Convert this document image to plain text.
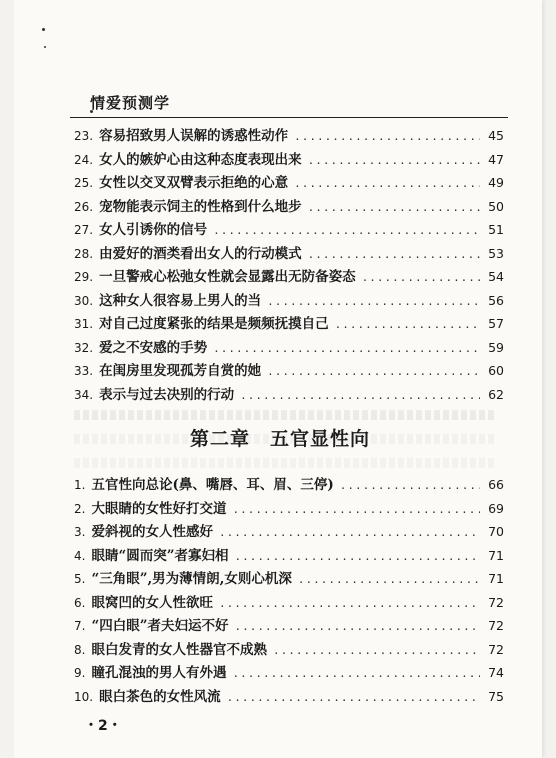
情爱预测学
23. 容易招致男人误解的诱惑性动作 .....	45
24. 女人的嫉妒心由这种态度表现出来 .....	47
25. 女性以交叉双臂表示拒绝的心意 .....	49
26. 宠物能表示饲主的性格到什么地步 .....	50
27. 女人引诱你的信号 .....	51
28. 由爱好的酒类看出女人的行动模式 .....	53
29. 一旦警戒心松弛女性就会显露出无防备姿态 .....	54
30. 这种女人很容易上男人的当 .....	56
31. 对自己过度紧张的结果是频频抚摸自己 .....	57
32. 爱之不安感的手势 .....	59
33. 在闺房里发现孤芳自赏的她 .....	60
34. 表示与过去决别的行动 .....	62
第二章　五官显性向
1. 五官性向总论(鼻、嘴唇、耳、眉、三停) .....	66
2. 大眼睛的女性好打交道 .....	69
3. 爱斜视的女人性感好 .....	70
4. 眼睛“圆而突”者寡妇相 .....	71
5. “三角眼”,男为薄情朗,女则心机深 .....	71
6. 眼窝凹的女人性欲旺 .....	72
7. “四白眼”者夫妇运不好 .....	72
8. 眼白发青的女人性器官不成熟 .....	72
9. 瞳孔混浊的男人有外遇 .....	74
10. 眼白茶色的女性风流 .....	75
・2・
